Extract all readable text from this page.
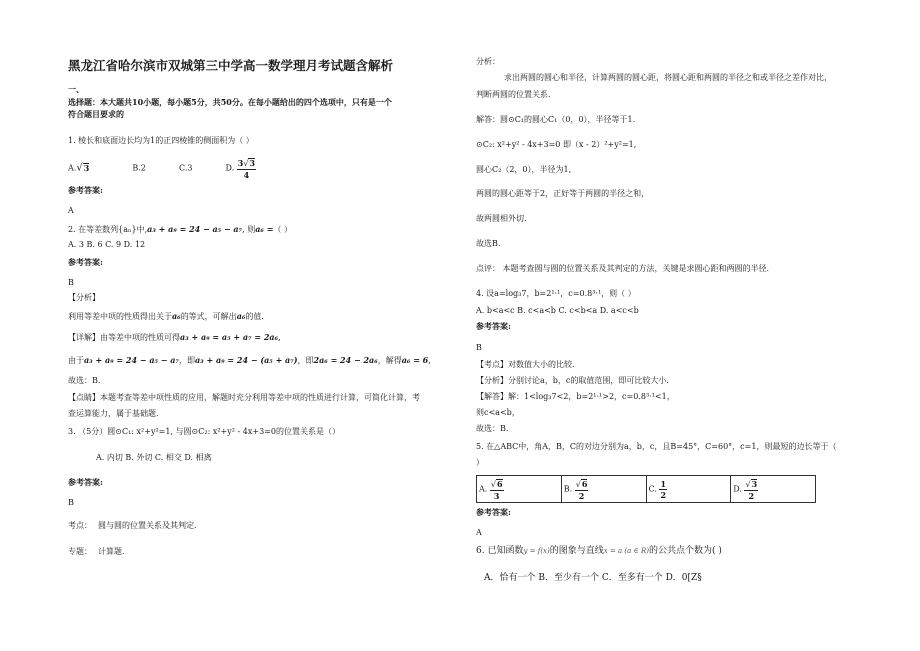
黑龙江省哈尔滨市双城第三中学高一数学理月考试题含解析
一、
选择题：本大题共10小题，每小题5分，共50分。在每小题给出的四个选项中，只有是一个
符合题目要求的
1. 棱长和底面边长均为1的正四棱锥的侧面积为（ ）
A.√3	B.2	C.3	D. $\frac{3√3}{4}$
参考答案:
A
2. 在等差数列{aₙ}中,a₃ + a₉ = 24 − a₅ − a₇, 则a₆ =（ ）
A. 3 B. 6 C. 9 D. 12
参考答案:
B
【分析】
利用等差中项的性质得出关于a₆的等式，可解出a₆的值.
【详解】由等差中项的性质可得a₃ + a₉ = a₅ + a₇ = 2a₆,
由于a₃ + a₉ = 24 − a₅ − a₇，即a₃ + a₉ = 24 − (a₅ + a₇)，即2a₆ = 24 − 2a₆，解得a₆ = 6,
故选：B.
【点睛】本题考查等差中项性质的应用，解题时充分利用等差中项的性质进行计算，可简化计算，考
查运算能力，属于基础题.
3. （5分）圆⊙C₁: x²+y²=1, 与圆⊙C₂: x²+y² - 4x+3=0的位置关系是（）
A. 内切 B. 外切 C. 相交 D. 相离
参考答案:
B
考点： 圆与圆的位置关系及其判定.
专题： 计算题.
分析：
求出两圆的圆心和半径，计算两圆的圆心距，将圆心距和两圆的半径之和或半径之差作对比，
判断两圆的位置关系.
解答：圆⊙C₁的圆心C₁（0，0），半径等于1.
⊙C₂: x²+y² - 4x+3=0 即（x - 2）²+y²=1,
圆心C₂（2，0），半径为1,
两圆的圆心距等于2，正好等于两圆的半径之和，
故两圆相外切.
故选B.
点评： 本题考查圆与圆的位置关系及其判定的方法，关键是求圆心距和两圆的半径.
4. 设a=log₃7，b=2¹·¹，c=0.8³·¹，则（ ）
A. b<a<c B. c<a<b C. c<b<a D. a<c<b
参考答案:
B
【考点】对数值大小的比较.
【分析】分别讨论a，b，c的取值范围，即可比较大小.
【解答】解：1<log₃7<2，b=2¹·¹>2，c=0.8³·¹<1，
则c<a<b，
故选：B.
5. 在△ABC中，角A，B，C的对边分别为a，b，c，且B=45°，C=60°，c=1，则最短的边长等于（
）
A. $\frac{√6}{3}$	B. $\frac{√6}{2}$	C. $\frac{1}{2}$	D. $\frac{√3}{2}$
参考答案:
A
6. 已知函数y = f(x)的图象与直线x = a (a ∈ R)的公共点个数为( )
A．恰有一个 B．至少有一个 C．至多有一个 D．0[Z§
